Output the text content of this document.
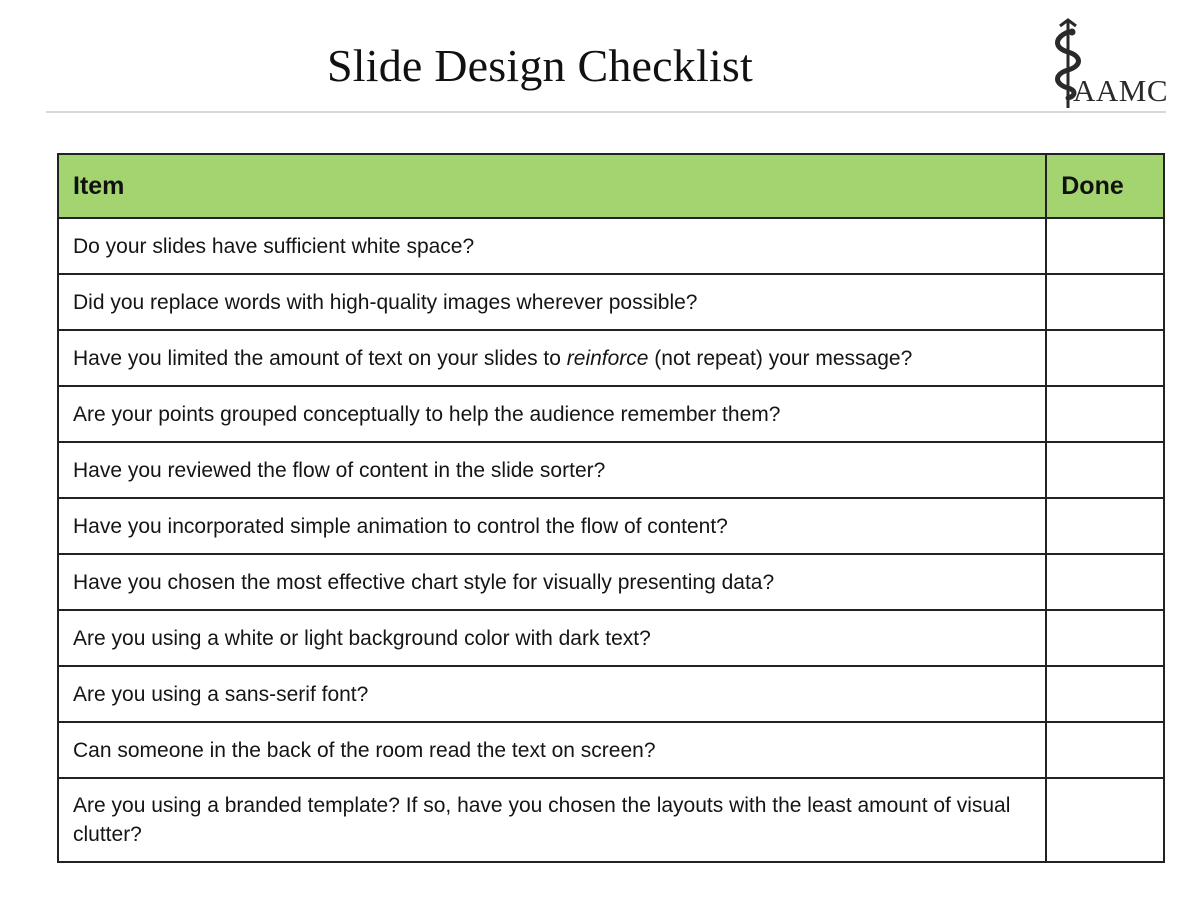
Slide Design Checklist	AAMC
Item	Done
Do your slides have sufficient white space?	
Did you replace words with high-quality images wherever possible?	
Have you limited the amount of text on your slides to reinforce (not repeat) your message?	
Are your points grouped conceptually to help the audience remember them?	
Have you reviewed the flow of content in the slide sorter?	
Have you incorporated simple animation to control the flow of content?	
Have you chosen the most effective chart style for visually presenting data?	
Are you using a white or light background color with dark text?	
Are you using a sans-serif font?	
Can someone in the back of the room read the text on screen?	
Are you using a branded template? If so, have you chosen the layouts with the least amount of visual clutter?	
